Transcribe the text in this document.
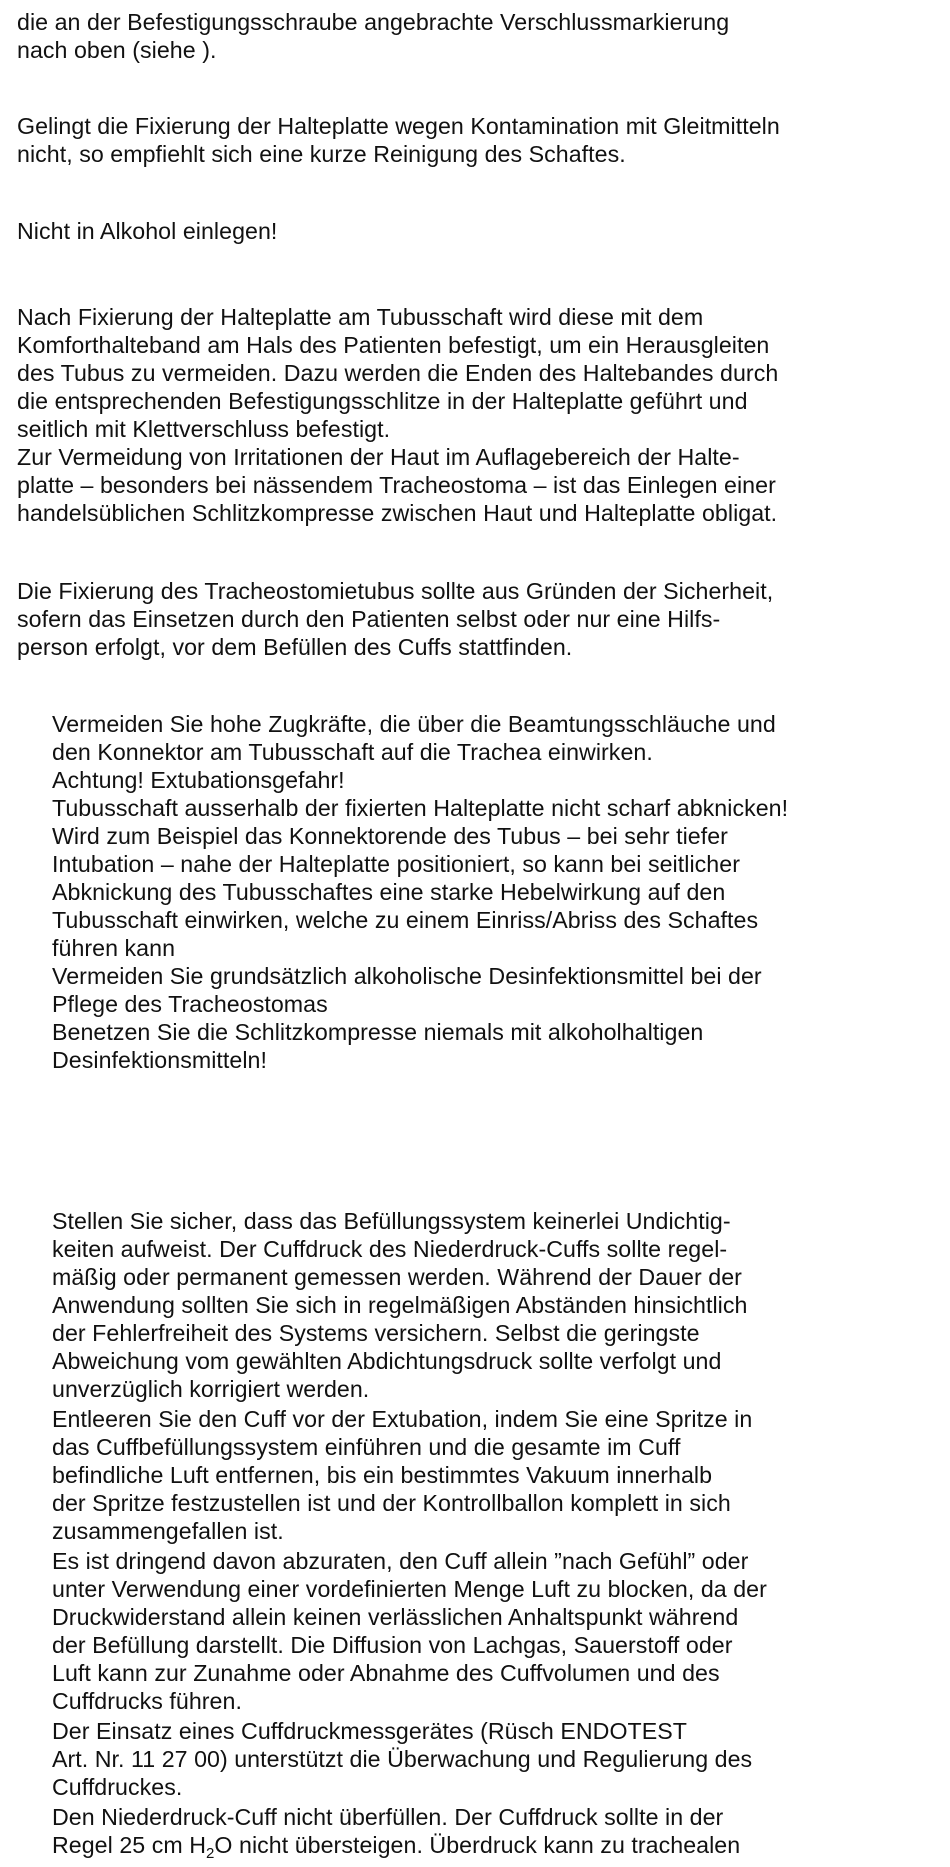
die an der Befestigungsschraube angebrachte Verschlussmarkierung
nach oben (siehe ).
Gelingt die Fixierung der Halteplatte wegen Kontamination mit Gleitmitteln
nicht, so empfiehlt sich eine kurze Reinigung des Schaftes.
Nicht in Alkohol einlegen!
Nach Fixierung der Halteplatte am Tubusschaft wird diese mit dem
Komforthalteband am Hals des Patienten befestigt, um ein Herausgleiten
des Tubus zu vermeiden. Dazu werden die Enden des Haltebandes durch
die entsprechenden Befestigungsschlitze in der Halteplatte geführt und
seitlich mit Klettverschluss befestigt.
Zur Vermeidung von Irritationen der Haut im Auflagebereich der Halte-
platte – besonders bei nässendem Tracheostoma – ist das Einlegen einer
handelsüblichen Schlitzkompresse zwischen Haut und Halteplatte obligat.
Die Fixierung des Tracheostomietubus sollte aus Gründen der Sicherheit,
sofern das Einsetzen durch den Patienten selbst oder nur eine Hilfs-
person erfolgt, vor dem Befüllen des Cuffs stattfinden.
Vermeiden Sie hohe Zugkräfte, die über die Beamtungsschläuche und
den Konnektor am Tubusschaft auf die Trachea einwirken.
Achtung! Extubationsgefahr!
Tubusschaft ausserhalb der fixierten Halteplatte nicht scharf abknicken!
Wird zum Beispiel das Konnektorende des Tubus – bei sehr tiefer
Intubation – nahe der Halteplatte positioniert, so kann bei seitlicher
Abknickung des Tubusschaftes eine starke Hebelwirkung auf den
Tubusschaft einwirken, welche zu einem Einriss/Abriss des Schaftes
führen kann
Vermeiden Sie grundsätzlich alkoholische Desinfektionsmittel bei der
Pflege des Tracheostomas
Benetzen Sie die Schlitzkompresse niemals mit alkoholhaltigen
Desinfektionsmitteln!
Stellen Sie sicher, dass das Befüllungssystem keinerlei Undichtig-
keiten aufweist. Der Cuffdruck des Niederdruck-Cuffs sollte regel-
mäßig oder permanent gemessen werden. Während der Dauer der
Anwendung sollten Sie sich in regelmäßigen Abständen hinsichtlich
der Fehlerfreiheit des Systems versichern. Selbst die geringste
Abweichung vom gewählten Abdichtungsdruck sollte verfolgt und
unverzüglich korrigiert werden.
Entleeren Sie den Cuff vor der Extubation, indem Sie eine Spritze in
das Cuffbefüllungssystem einführen und die gesamte im Cuff
befindliche Luft entfernen, bis ein bestimmtes Vakuum innerhalb
der Spritze festzustellen ist und der Kontrollballon komplett in sich
zusammengefallen ist.
Es ist dringend davon abzuraten, den Cuff allein ”nach Gefühl” oder
unter Verwendung einer vordefinierten Menge Luft zu blocken, da der
Druckwiderstand allein keinen verlässlichen Anhaltspunkt während
der Befüllung darstellt. Die Diffusion von Lachgas, Sauerstoff oder
Luft kann zur Zunahme oder Abnahme des Cuffvolumen und des
Cuffdrucks führen.
Der Einsatz eines Cuffdruckmessgerätes (Rüsch ENDOTEST
Art. Nr. 11 27 00) unterstützt die Überwachung und Regulierung des
Cuffdruckes.
Den Niederdruck-Cuff nicht überfüllen. Der Cuffdruck sollte in der
Regel 25 cm $H_2O$ nicht übersteigen. Überdruck kann zu trachealen
